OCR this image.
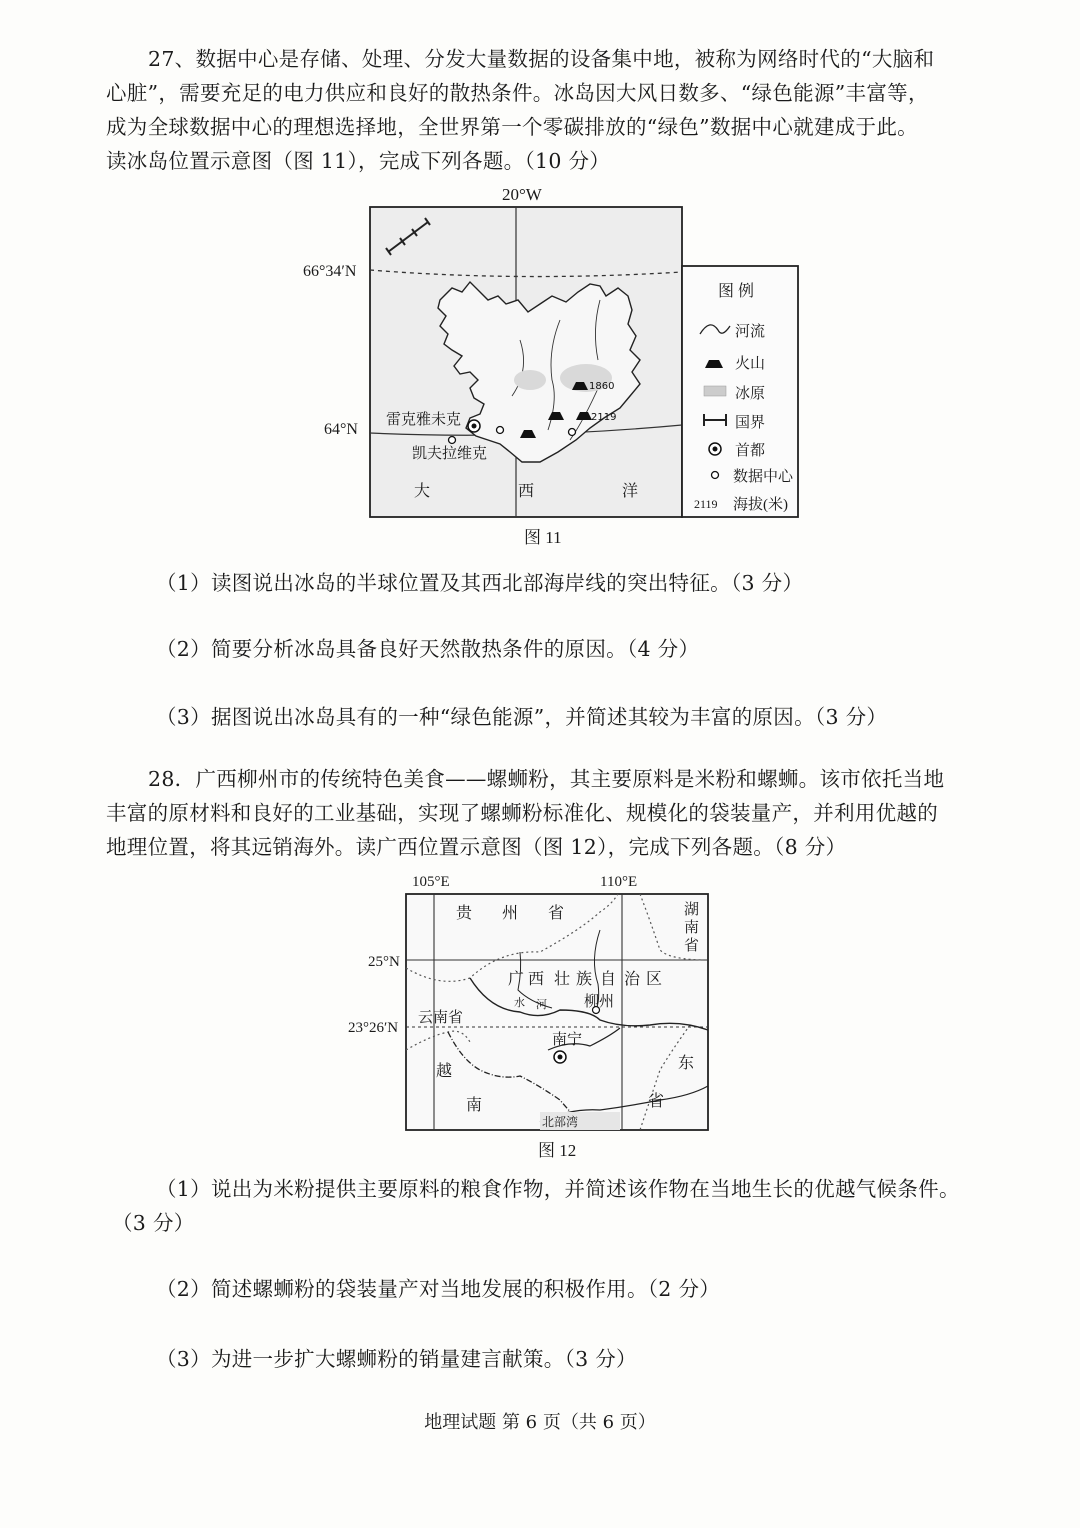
27、数据中心是存储、处理、分发大量数据的设备集中地，被称为网络时代的“大脑和
心脏”，需要充足的电力供应和良好的散热条件。冰岛因大风日数多、“绿色能源”丰富等，
成为全球数据中心的理想选择地，全世界第一个零碳排放的“绿色”数据中心就建成于此。
读冰岛位置示意图（图 11），完成下列各题。（10 分）
20°W
66°34′N
64°N
1860
2119
雷克雅未克
凯夫拉维克
大	西	洋
图 例
河流
火山
冰原
国界
首都
数据中心
2119 海拔(米)
图 11
（1）读图说出冰岛的半球位置及其西北部海岸线的突出特征。（3 分）
（2）简要分析冰岛具备良好天然散热条件的原因。（4 分）
（3）据图说出冰岛具有的一种“绿色能源”，并简述其较为丰富的原因。（3 分）
28．广西柳州市的传统特色美食——螺蛳粉，其主要原料是米粉和螺蛳。该市依托当地
丰富的原材料和良好的工业基础，实现了螺蛳粉标准化、规模化的袋装量产，并利用优越的
地理位置，将其远销海外。读广西位置示意图（图 12），完成下列各题。（8 分）
105°E	110°E
25°N
23°26′N
贵 州 省	湖
南
省
广 西 壮 族 自 治 区
水 河 柳州
云南省
南宁
越
南
东
省
北部湾
图 12
（1）说出为米粉提供主要原料的粮食作物，并简述该作物在当地生长的优越气候条件。
（3 分）
（2）简述螺蛳粉的袋装量产对当地发展的积极作用。（2 分）
（3）为进一步扩大螺蛳粉的销量建言献策。（3 分）
地理试题 第 6 页（共 6 页）
